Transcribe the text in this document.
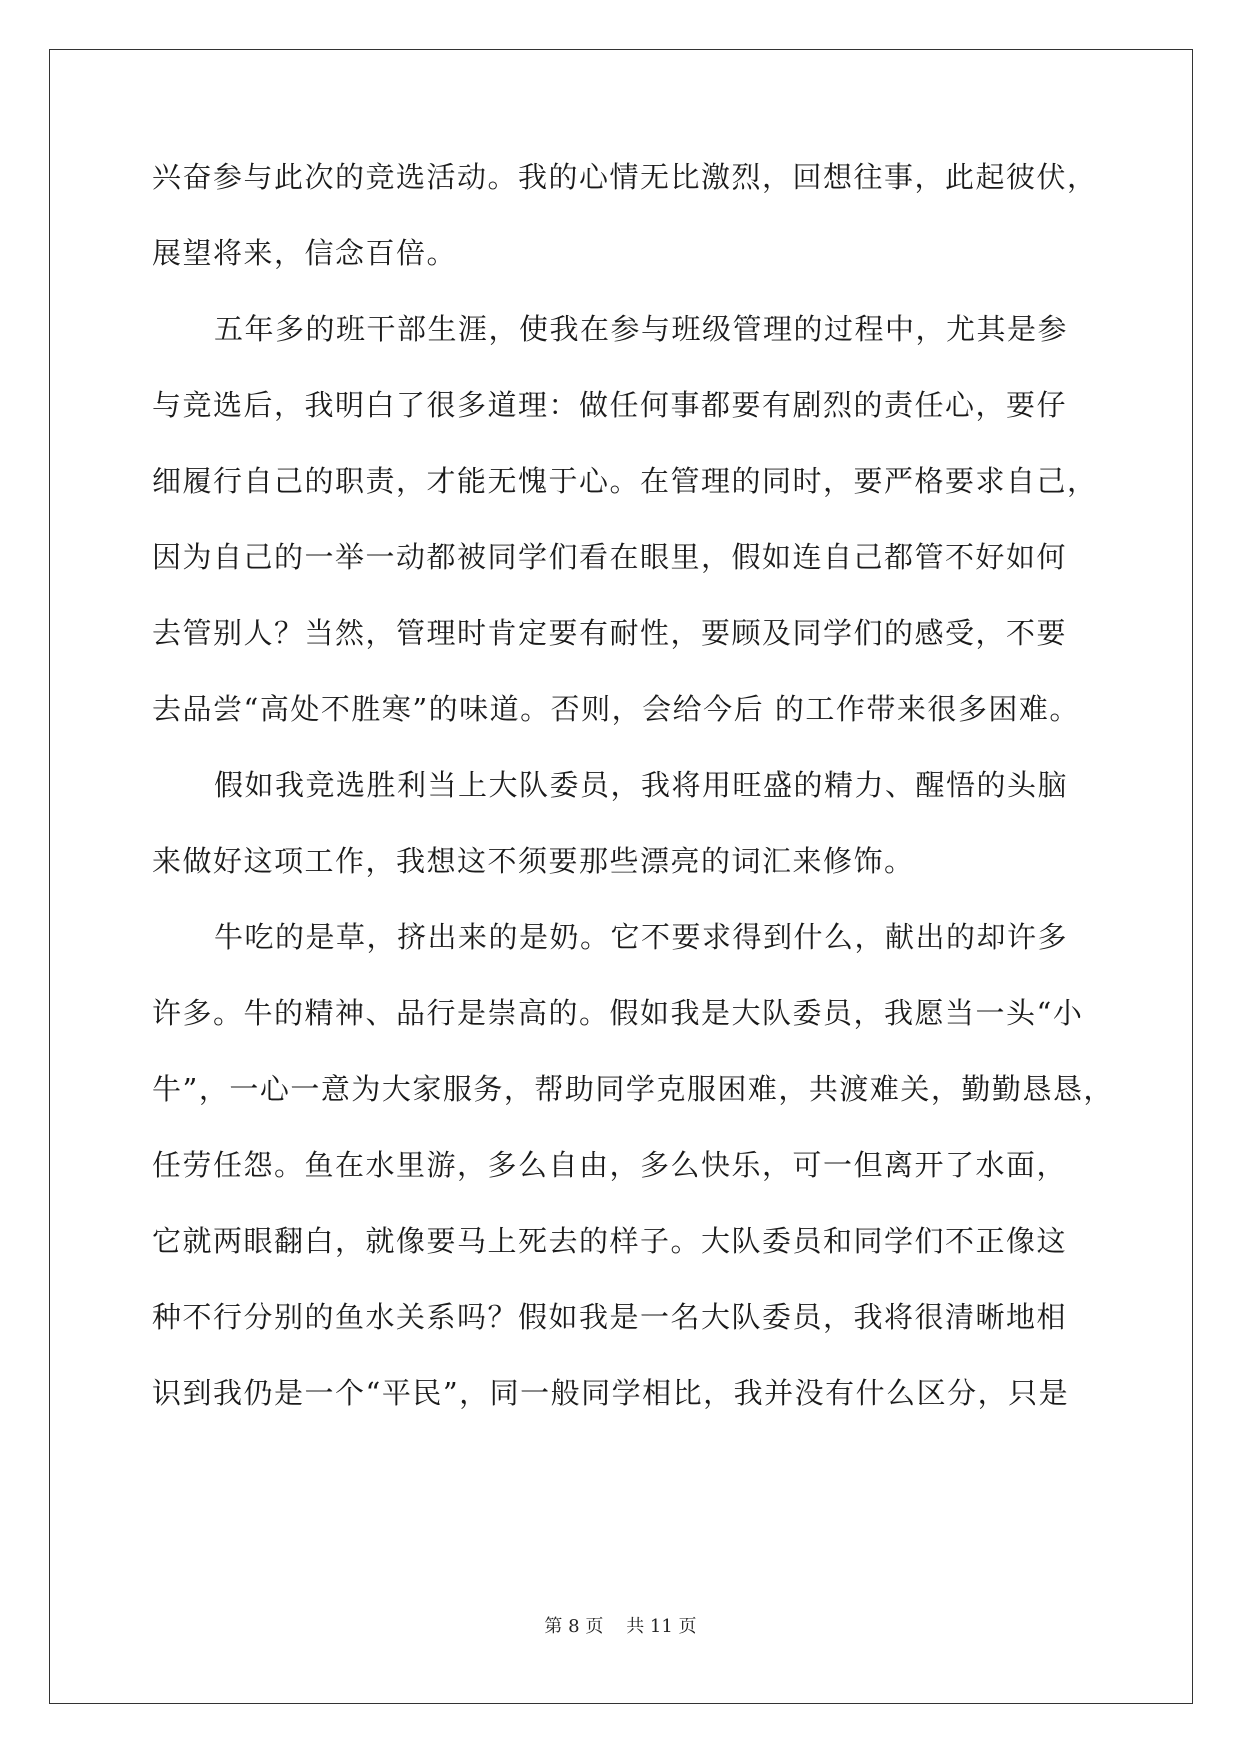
兴奋参与此次的竞选活动。我的心情无比激烈，回想往事，此起彼伏，
展望将来，信念百倍。
五年多的班干部生涯，使我在参与班级管理的过程中，尤其是参
与竞选后，我明白了很多道理：做任何事都要有剧烈的责任心，要仔
细履行自己的职责，才能无愧于心。在管理的同时，要严格要求自己，
因为自己的一举一动都被同学们看在眼里，假如连自己都管不好如何
去管别人？当然，管理时肯定要有耐性，要顾及同学们的感受，不要
去品尝“高处不胜寒”的味道。否则，会给今后 的工作带来很多困难。
假如我竞选胜利当上大队委员，我将用旺盛的精力、醒悟的头脑
来做好这项工作，我想这不须要那些漂亮的词汇来修饰。
牛吃的是草，挤出来的是奶。它不要求得到什么，献出的却许多
许多。牛的精神、品行是崇高的。假如我是大队委员，我愿当一头“小
牛”，一心一意为大家服务，帮助同学克服困难，共渡难关，勤勤恳恳，
任劳任怨。鱼在水里游，多么自由，多么快乐，可一但离开了水面，
它就两眼翻白，就像要马上死去的样子。大队委员和同学们不正像这
种不行分别的鱼水关系吗？假如我是一名大队委员，我将很清晰地相
识到我仍是一个“平民”，同一般同学相比，我并没有什么区分，只是
第 8 页    共 11 页
